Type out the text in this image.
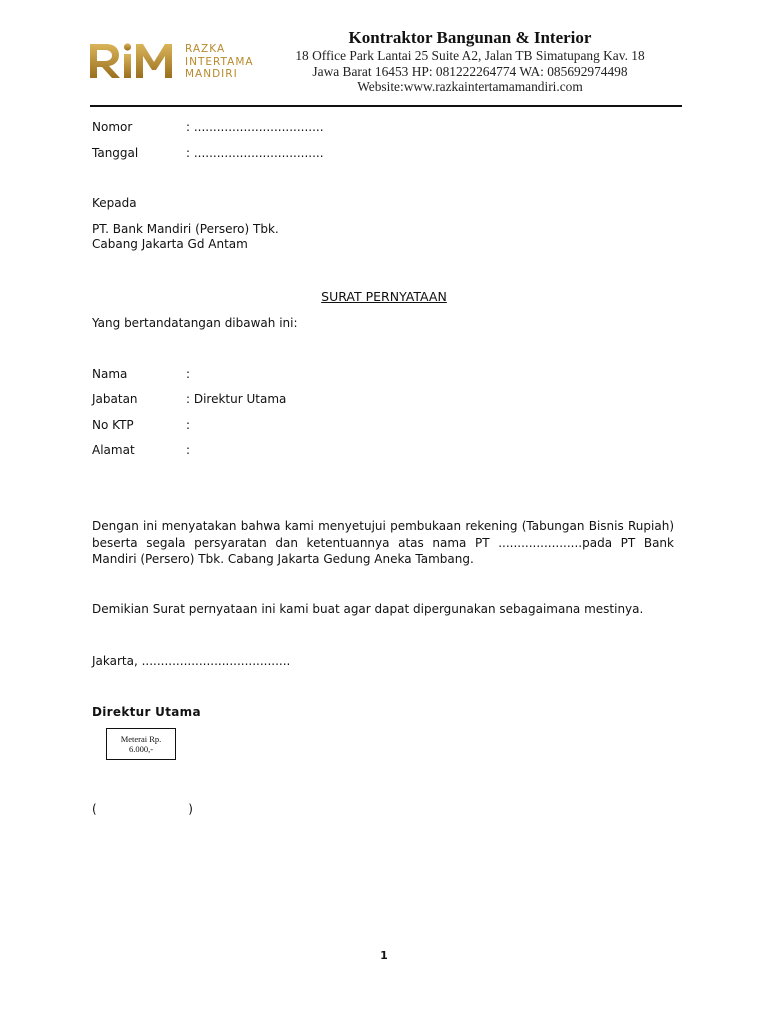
RAZKA
INTERTAMA
MANDIRI
Kontraktor Bangunan & Interior
18 Office Park Lantai 25 Suite A2, Jalan TB Simatupang Kav. 18
Jawa Barat 16453 HP: 081222264774 WA: 085692974498
Website:www.razkaintertamamandiri.com
Nomor	: ..................................
Tanggal	: ..................................
Kepada
PT. Bank Mandiri (Persero) Tbk.
Cabang Jakarta Gd Antam
SURAT PERNYATAAN
Yang bertandatangan dibawah ini:
Nama	:
Jabatan	: Direktur Utama
No KTP	:
Alamat	:
Dengan ini menyatakan bahwa kami menyetujui pembukaan rekening (Tabungan Bisnis Rupiah) beserta segala persyaratan dan ketentuannya atas nama PT ......................pada PT Bank Mandiri (Persero) Tbk. Cabang Jakarta Gedung Aneka Tambang.
Demikian Surat pernyataan ini kami buat agar dapat dipergunakan sebagaimana mestinya.
Jakarta, .......................................
Direktur Utama
Meterai Rp.
6.000,-
(                        )
1
